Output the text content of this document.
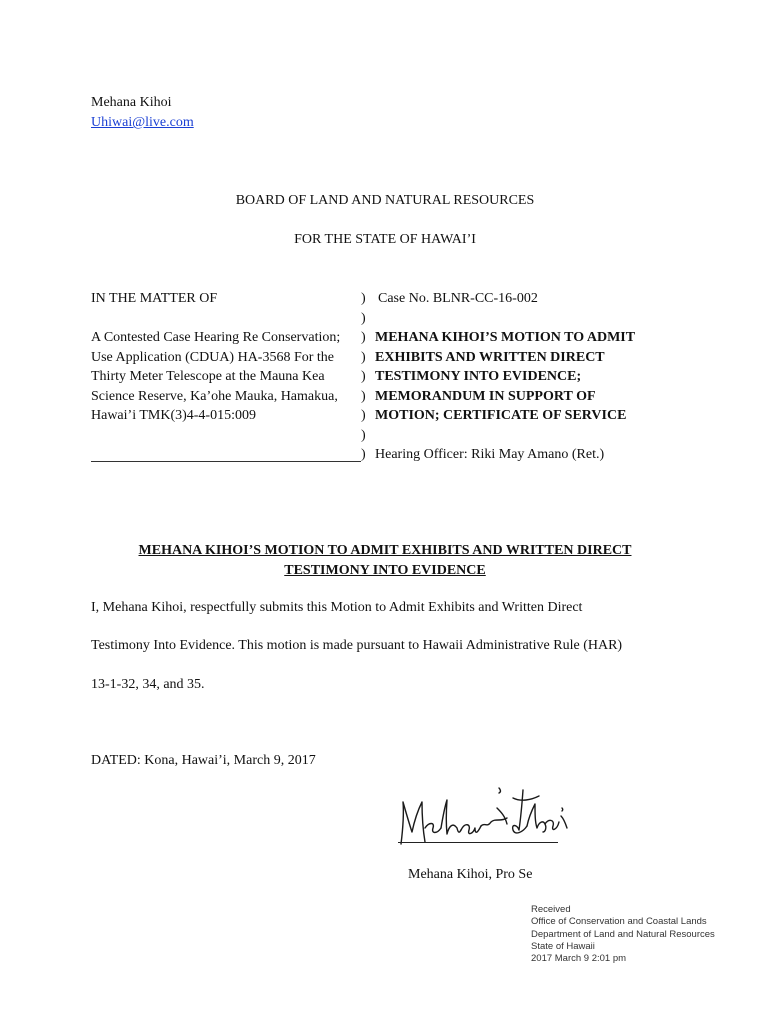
Mehana Kihoi
Uhiwai@live.com
BOARD OF LAND AND NATURAL RESOURCES
FOR THE STATE OF HAWAI’I
IN THE MATTER OF
A Contested Case Hearing Re Conservation;
Use Application (CDUA) HA-3568 For the
Thirty Meter Telescope at the Mauna Kea
Science Reserve, Ka’ohe Mauka, Hamakua,
Hawai’i TMK(3)4-4-015:009
)
)
)
)
)
)
)
)
)
Case No. BLNR-CC-16-002
MEHANA KIHOI’S MOTION TO ADMIT
EXHIBITS AND WRITTEN DIRECT
TESTIMONY INTO EVIDENCE;
MEMORANDUM IN SUPPORT OF
MOTION; CERTIFICATE OF SERVICE
Hearing Officer: Riki May Amano (Ret.)
MEHANA KIHOI’S MOTION TO ADMIT EXHIBITS AND WRITTEN DIRECT
TESTIMONY INTO EVIDENCE
I, Mehana Kihoi, respectfully submits this Motion to Admit Exhibits and Written Direct
Testimony Into Evidence. This motion is made pursuant to Hawaii Administrative Rule (HAR)
13-1-32, 34, and 35.
DATED: Kona, Hawai’i, March 9, 2017
Mehana Kihoi, Pro Se
Received
Office of Conservation and Coastal Lands
Department of Land and Natural Resources
State of Hawaii
2017 March 9 2:01 pm
